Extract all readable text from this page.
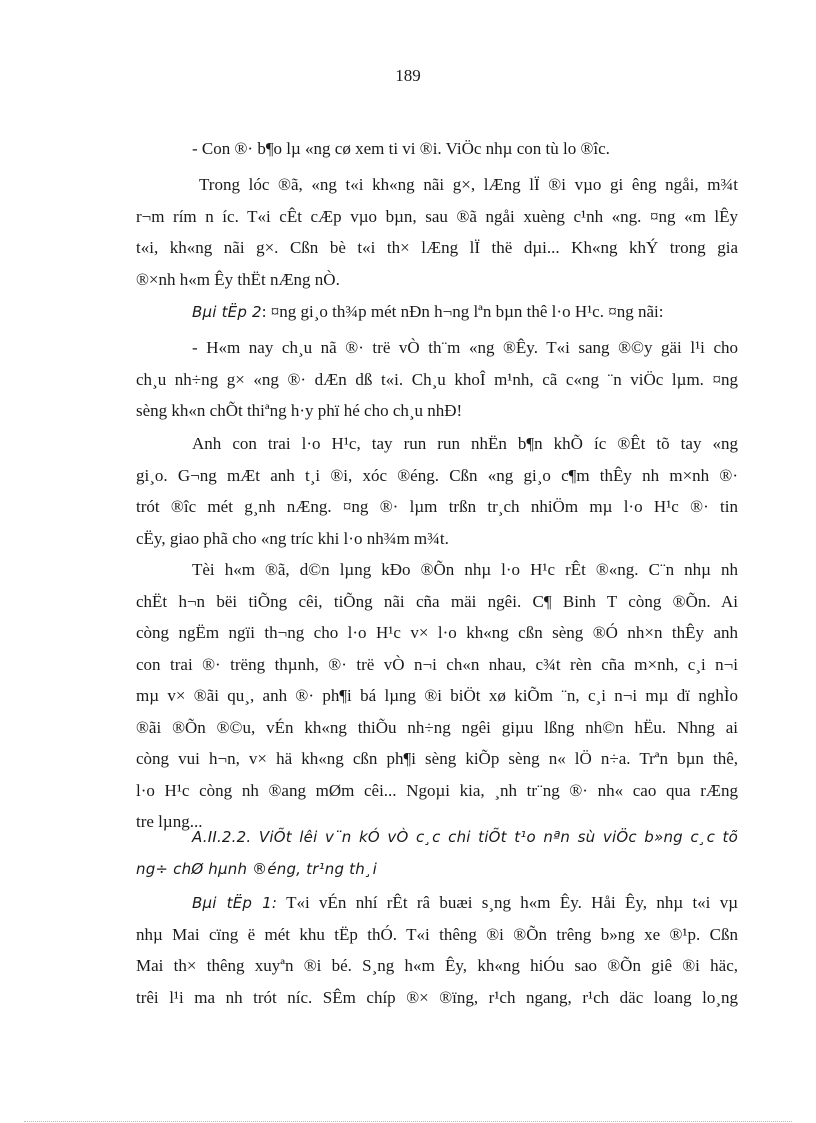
189

- Con ®· b¶o lµ «ng cø xem ti vi ®i. ViÖc nhµ con tù lo ®îc.

Trong lóc ®ã, «ng t«i kh«ng nãi g×, lÆng lÏ ®i vµo gi êng ngåi, m¾t
r¬m rím n íc. T«i cÊt cÆp vµo bµn, sau ®ã ngåi xuèng c¹nh «ng. ¤ng «m lÊy
t«i, kh«ng nãi g×. Cßn bè t«i th× lÆng lÏ thë dµi... Kh«ng khÝ trong gia
®×nh h«m Êy thËt nÆng nÒ.

Bµi tËp 2: ¤ng gi¸o th¾p mét nÐn h¬ng lªn bµn thê l·o H¹c. ¤ng nãi:

- H«m nay ch¸u nã ®· trë vÒ th¨m «ng ®Êy. T«i sang ®©y gäi l¹i cho
ch¸u nh÷ng g× «ng ®· dÆn dß t«i. Ch¸u khoÎ m¹nh, cã c«ng ¨n viÖc lµm. ¤ng
sèng kh«n chÕt thiªng h·y phï hé cho ch¸u nhÐ!

Anh con trai l·o H¹c, tay run run nhËn b¶n khÕ íc ®Êt tõ tay «ng
gi¸o. G¬ng mÆt anh t¸i ®i, xóc ®éng. Cßn «ng gi¸o c¶m thÊy nh m×nh ®·
trót ®îc mét g¸nh nÆng. ¤ng ®· lµm trßn tr¸ch nhiÖm mµ l·o H¹c ®· tin
cËy, giao phã cho «ng tríc khi l·o nh¾m m¾t.

Tèi h«m ®ã, d©n lµng kÐo ®Õn nhµ l·o H¹c rÊt ®«ng. C¨n nhµ nh
chËt h¬n bëi tiÕng cêi, tiÕng nãi cña mäi ngêi. C¶ Binh T còng ®Õn. Ai
còng ngËm ngïi th¬ng cho l·o H¹c v× l·o kh«ng cßn sèng ®Ó nh×n thÊy anh
con trai ®· trëng thµnh, ®· trë vÒ n¬i ch«n nhau, c¾t rèn cña m×nh, c¸i n¬i
mµ v× ®ãi qu¸, anh ®· ph¶i bá lµng ®i biÖt xø kiÕm ¨n, c¸i n¬i mµ dï nghÌo
®ãi ®Õn ®©u, vÉn kh«ng thiÕu nh÷ng ngêi giµu lßng nh©n hËu. Nhng ai
còng vui h¬n, v× hä kh«ng cßn ph¶i sèng kiÕp sèng n« lÖ n÷a. Trªn bµn thê,
l·o H¹c còng nh ®ang mØm cêi... Ngoµi kia, ¸nh tr¨ng ®· nh« cao qua rÆng
tre lµng...

A.II.2.2. ViÕt lêi v¨n kÓ vÒ c¸c chi tiÕt t¹o nªn sù viÖc b»ng c¸c tõ
ng÷ chØ hµnh ®éng, tr¹ng th¸i

Bµi tËp 1: T«i vÉn nhí rÊt râ buæi s¸ng h«m Êy. Håi Êy, nhµ t«i vµ
nhµ Mai cïng ë mét khu tËp thÓ. T«i thêng ®i ®Õn trêng b»ng xe ®¹p. Cßn
Mai th× thêng xuyªn ®i bé. S¸ng h«m Êy, kh«ng hiÓu sao ®Õn giê ®i häc,
trêi l¹i ma nh trót níc. SÊm chíp ®× ®ïng, r¹ch ngang, r¹ch däc loang lo¸ng
